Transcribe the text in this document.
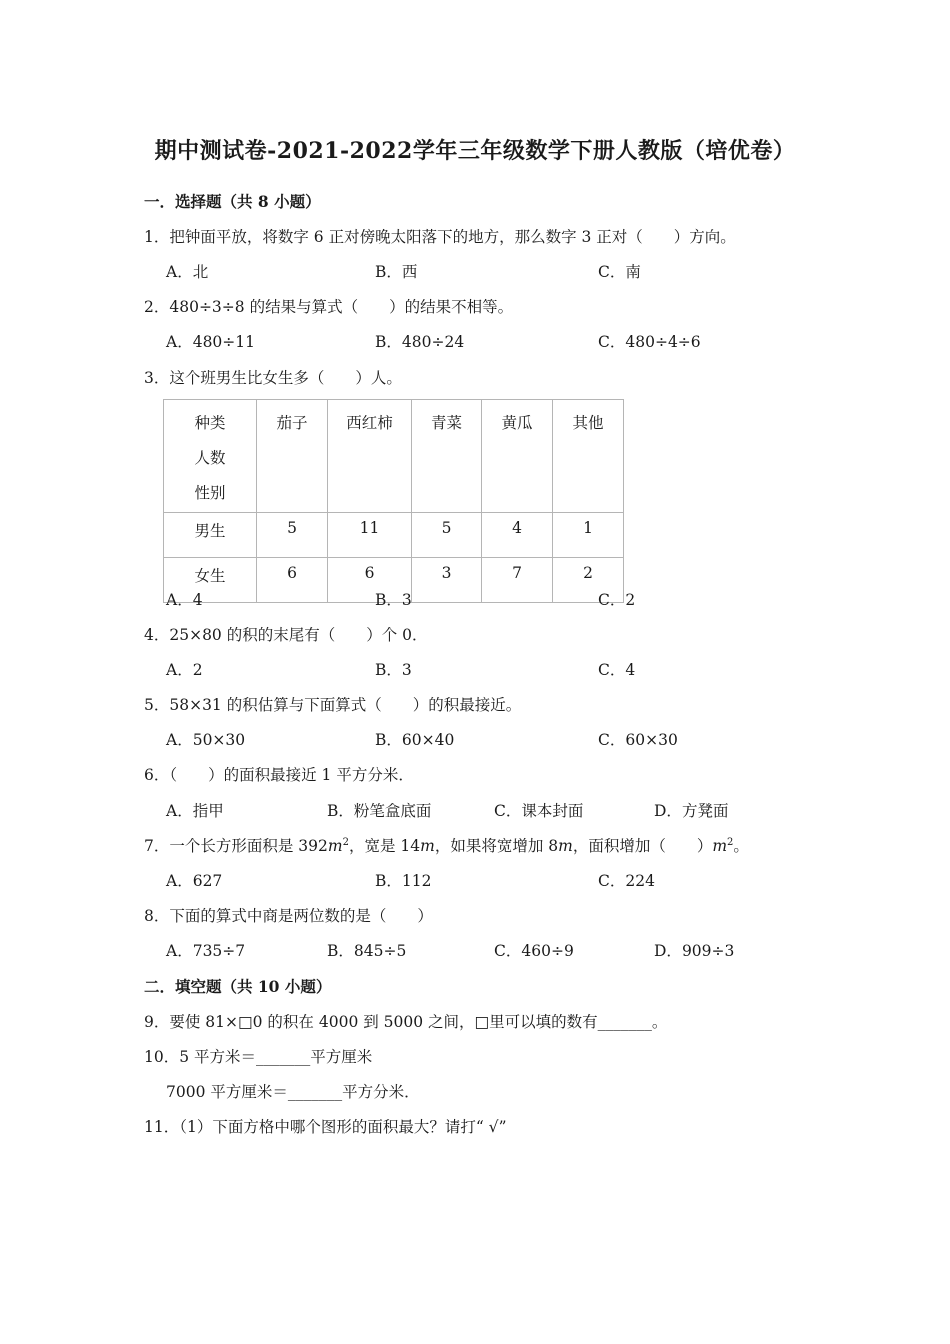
期中测试卷-2021-2022学年三年级数学下册人教版（培优卷）
一．选择题（共 8 小题）
1．把钟面平放，将数字 6 正对傍晚太阳落下的地方，那么数字 3 正对（　　）方向。
A．北	B．西	C．南
2．480÷3÷8 的结果与算式（　　）的结果不相等。
A．480÷11	B．480÷24	C．480÷4÷6
3．这个班男生比女生多（　　）人。
种类
人数
性别	茄子	西红柿	青菜	黄瓜	其他

男生	5	11	5	4	1
女生	6	6	3	7	2
A．4	B．3	C．2
4．25×80 的积的末尾有（　　）个 0．
A．2	B．3	C．4
5．58×31 的积估算与下面算式（　　）的积最接近。
A．50×30	B．60×40	C．60×30
6．（　　）的面积最接近 1 平方分米．
A．指甲	B．粉笔盒底面	C．课本封面	D．方凳面
7．一个长方形面积是 $392m^2$，宽是 14m，如果将宽增加 8m，面积增加（　　）$m^2$。
A．627	B．112	C．224
8．下面的算式中商是两位数的是（　　）
A．735÷7	B．845÷5	C．460÷9	D．909÷3
二．填空题（共 10 小题）
9．要使 81×□0 的积在 4000 到 5000 之间，□里可以填的数有_______。
10．5 平方米＝_______平方厘米
7000 平方厘米＝_______平方分米．
11．（1）下面方格中哪个图形的面积最大？请打“ √”
